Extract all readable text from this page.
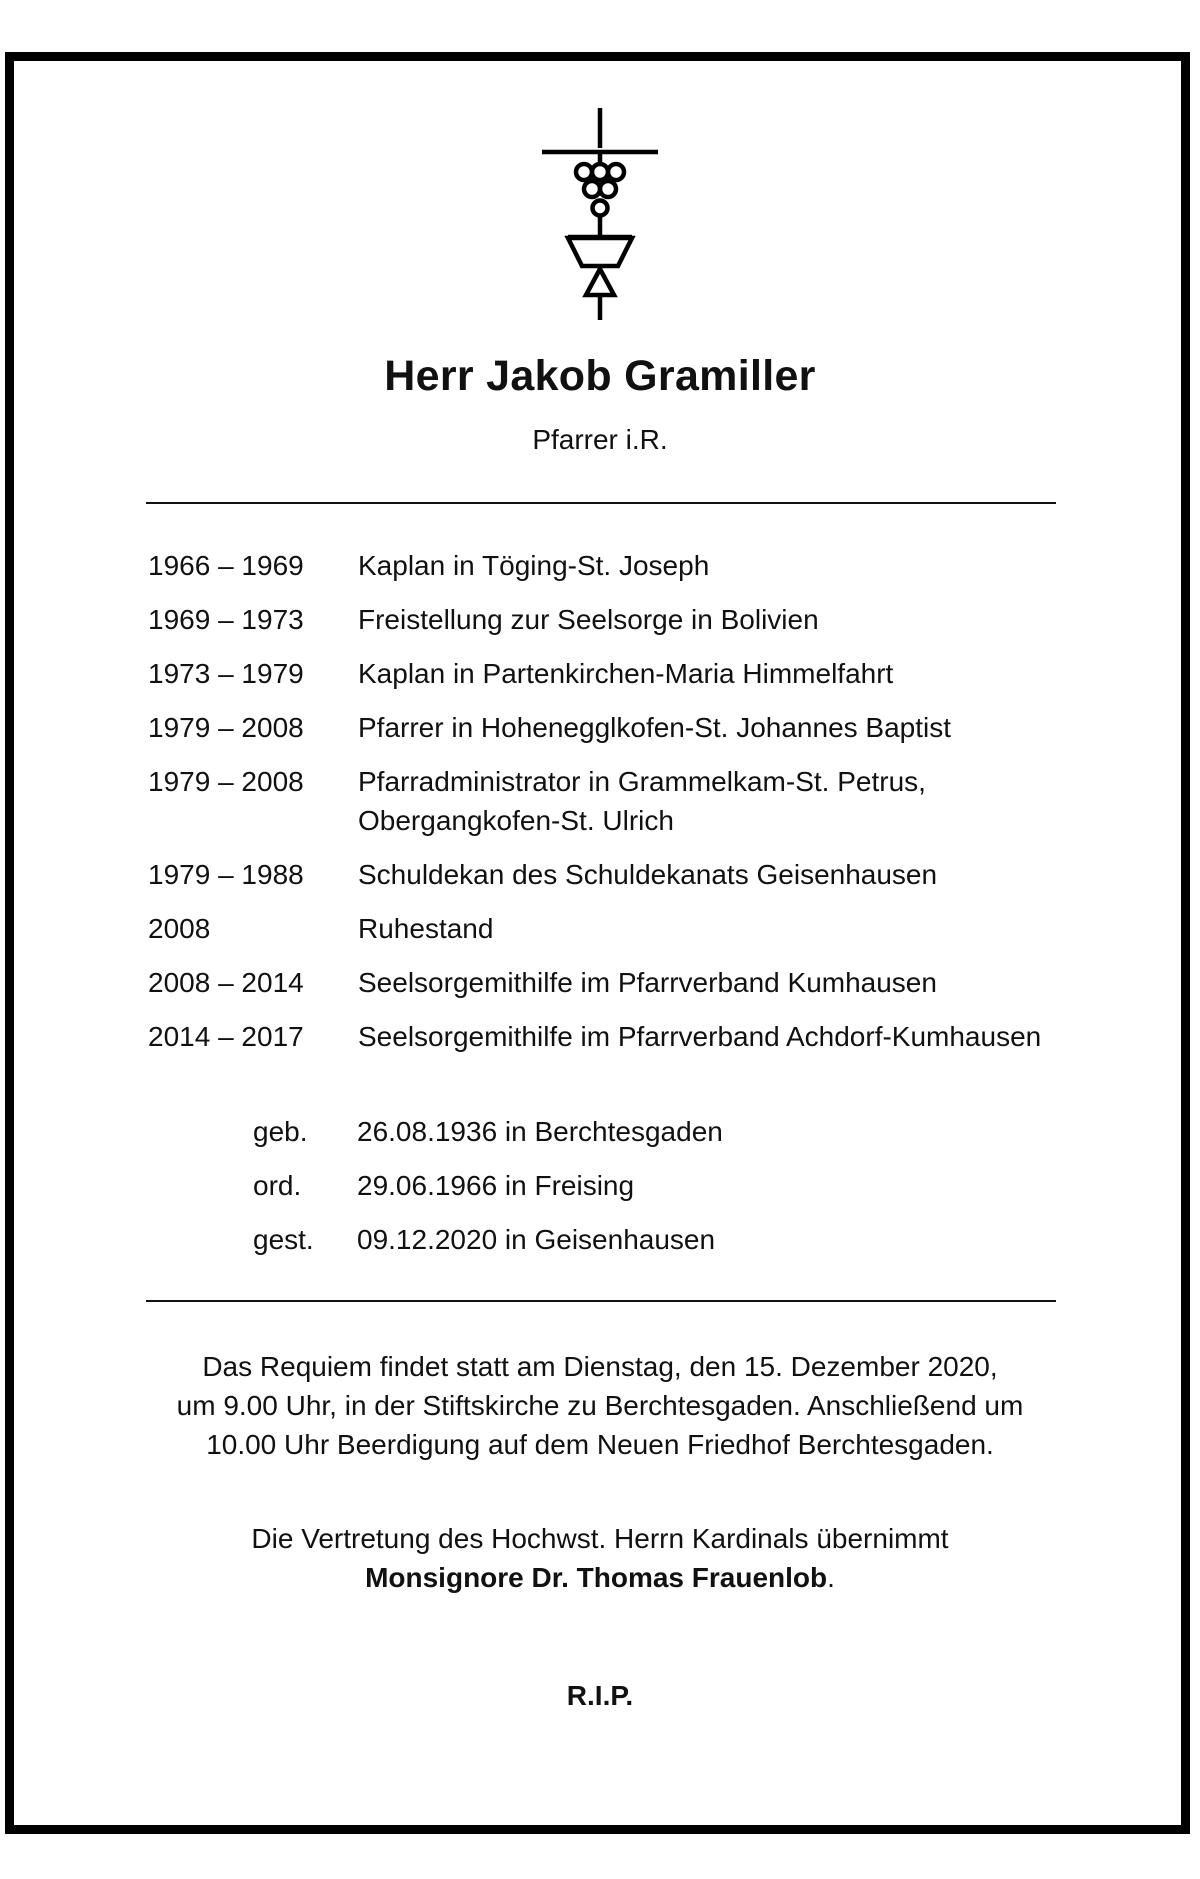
Herr Jakob Gramiller
Pfarrer i.R.
1966 – 1969	Kaplan in Töging-St. Joseph
1969 – 1973	Freistellung zur Seelsorge in Bolivien
1973 – 1979	Kaplan in Partenkirchen-Maria Himmelfahrt
1979 – 2008	Pfarrer in Hohenegglkofen-St. Johannes Baptist
1979 – 2008	Pfarradministrator in Grammelkam-St. Petrus,
Obergangkofen-St. Ulrich
1979 – 1988	Schuldekan des Schuldekanats Geisenhausen
2008	Ruhestand
2008 – 2014	Seelsorgemithilfe im Pfarrverband Kumhausen
2014 – 2017	Seelsorgemithilfe im Pfarrverband Achdorf-Kumhausen
geb.	26.08.1936 in Berchtesgaden
ord.	29.06.1966 in Freising
gest.	09.12.2020 in Geisenhausen
Das Requiem findet statt am Dienstag, den 15. Dezember 2020,
um 9.00 Uhr, in der Stiftskirche zu Berchtesgaden. Anschließend um
10.00 Uhr Beerdigung auf dem Neuen Friedhof Berchtesgaden.
Die Vertretung des Hochwst. Herrn Kardinals übernimmt
Monsignore Dr. Thomas Frauenlob.
R.I.P.
